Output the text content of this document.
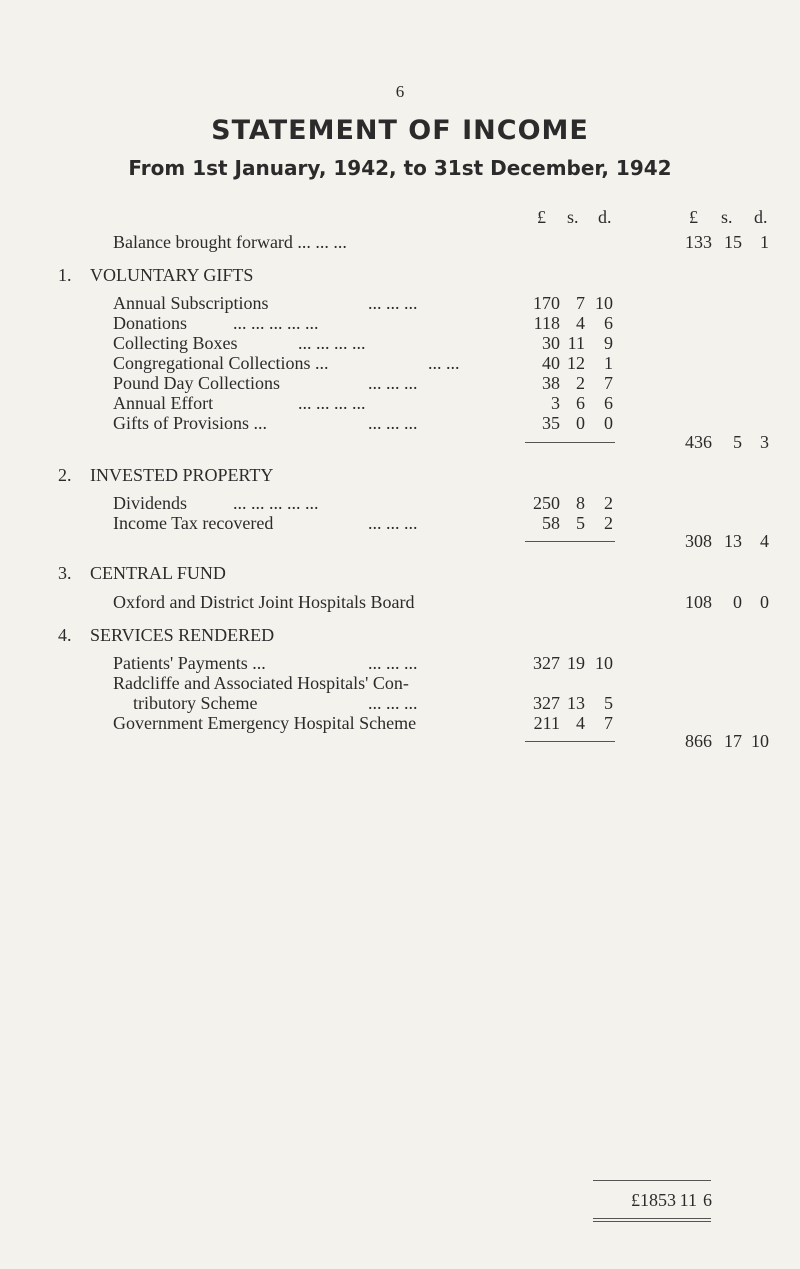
6
STATEMENT OF INCOME
From 1st January, 1942, to 31st December, 1942
£ s. d.	£ s. d.
Balance brought forward ... ... ...	133 15	1
1. VOLUNTARY GIFTS
Annual Subscriptions	... ... ...	170 7 10
Donations	... ... ... ... ...	118 4	6
Collecting Boxes	... ... ... ...	30 11	9
Congregational Collections ...	... ...	40 12	1
Pound Day Collections	... ... ...	38 2	7
Annual Effort	... ... ... ...	3 6	6
Gifts of Provisions ...	... ... ...	35 0	0
436	5	3
2. INVESTED PROPERTY
Dividends	... ... ... ... ...	250 8	2
Income Tax recovered	... ... ...	58 5	2
308 13	4
3. CENTRAL FUND
Oxford and District Joint Hospitals Board	108	0	0
4. SERVICES RENDERED
Patients' Payments ...	... ... ...	327 19 10
Radcliffe and Associated Hospitals' Con-
tributory Scheme	... ... ...	327 13	5
Government Emergency Hospital Scheme	211 4	7
866 17 10
£1853 11 6
